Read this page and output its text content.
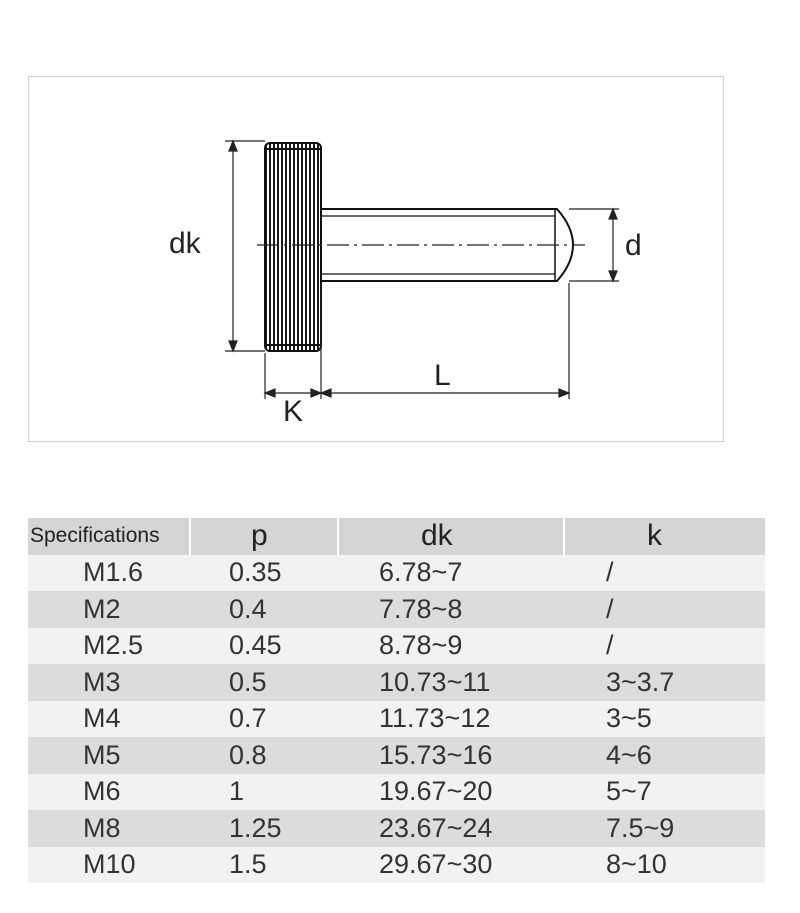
dk	d
L
K
Specifications	p	dk	k
M1.6	0.35	6.78~7	/
M2	0.4	7.78~8	/
M2.5	0.45	8.78~9	/
M3	0.5	10.73~11	3~3.7
M4	0.7	11.73~12	3~5
M5	0.8	15.73~16	4~6
M6	1	19.67~20	5~7
M8	1.25	23.67~24	7.5~9
M10	1.5	29.67~30	8~10
